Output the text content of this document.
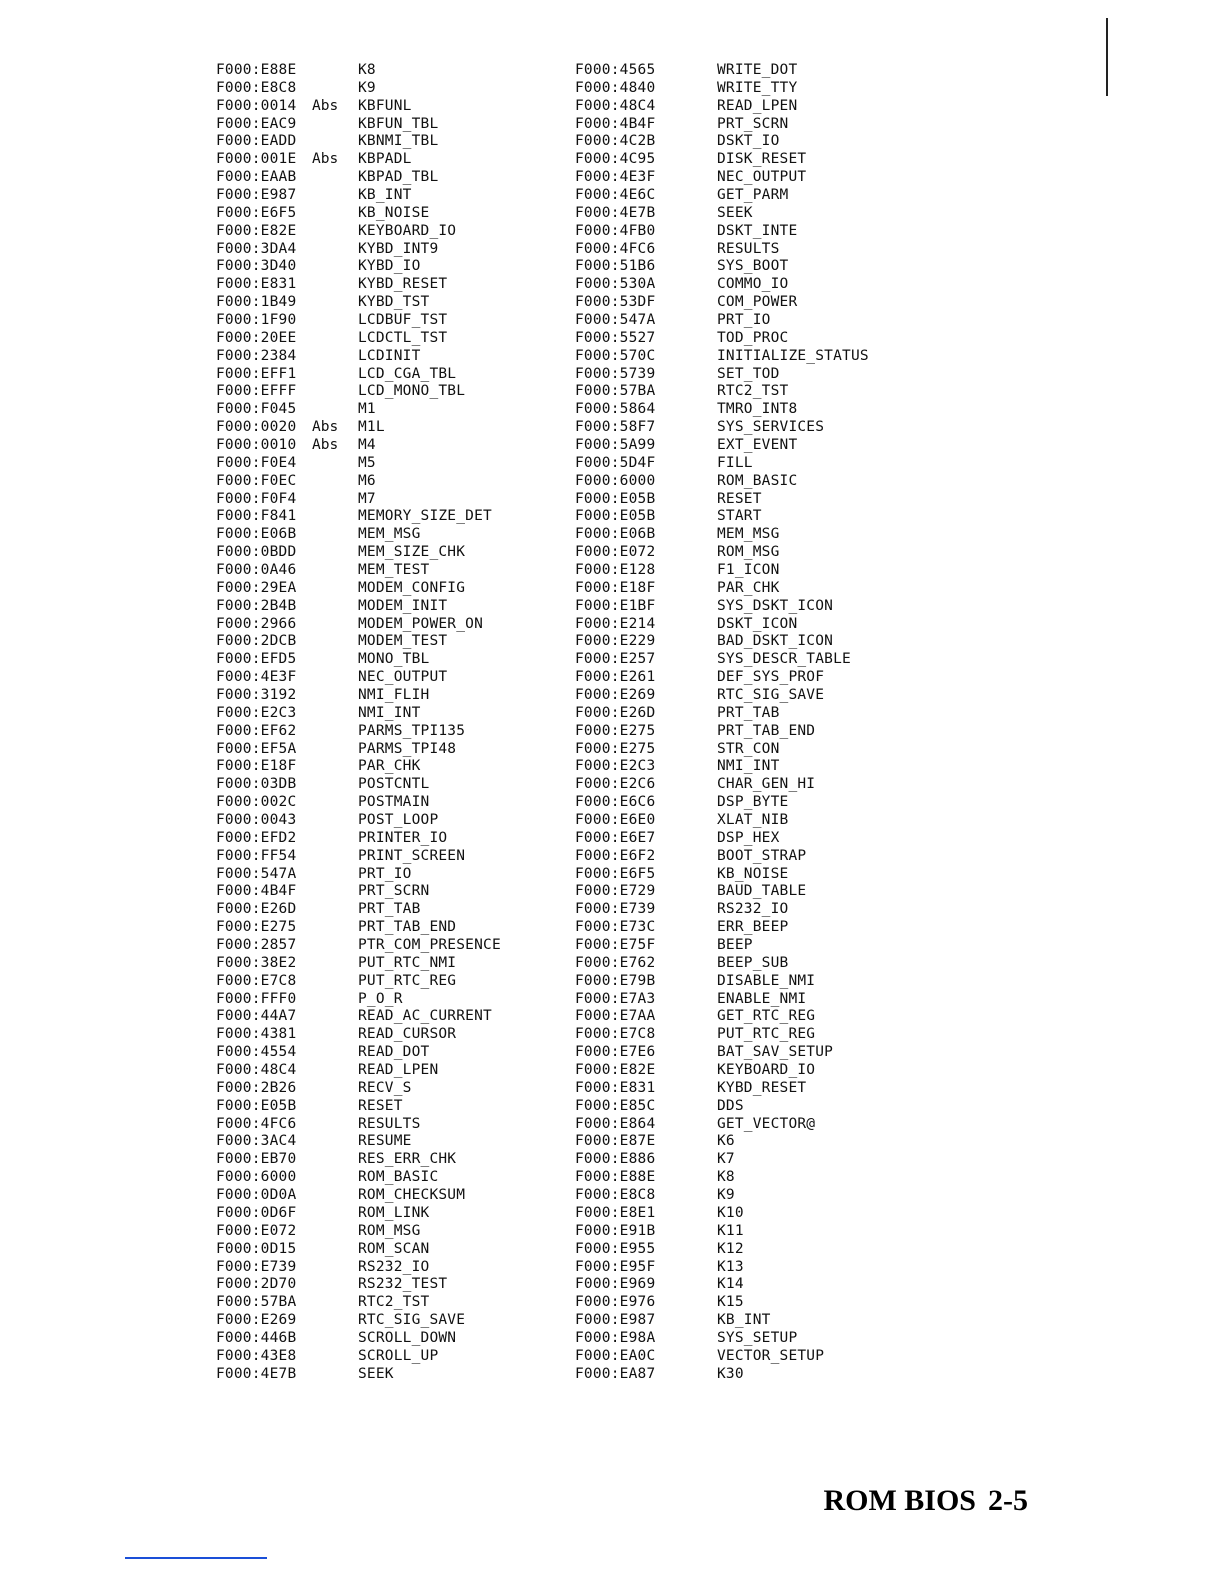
F000:E88E	K8
F000:E8C8	K9
F000:0014	Abs	KBFUNL
F000:EAC9	KBFUN_TBL
F000:EADD	KBNMI_TBL
F000:001E	Abs	KBPADL
F000:EAAB	KBPAD_TBL
F000:E987	KB_INT
F000:E6F5	KB_NOISE
F000:E82E	KEYBOARD_IO
F000:3DA4	KYBD_INT9
F000:3D40	KYBD_IO
F000:E831	KYBD_RESET
F000:1B49	KYBD_TST
F000:1F90	LCDBUF_TST
F000:20EE	LCDCTL_TST
F000:2384	LCDINIT
F000:EFF1	LCD_CGA_TBL
F000:EFFF	LCD_MONO_TBL
F000:F045	M1
F000:0020	Abs	M1L
F000:0010	Abs	M4
F000:F0E4	M5
F000:F0EC	M6
F000:F0F4	M7
F000:F841	MEMORY_SIZE_DET
F000:E06B	MEM_MSG
F000:0BDD	MEM_SIZE_CHK
F000:0A46	MEM_TEST
F000:29EA	MODEM_CONFIG
F000:2B4B	MODEM_INIT
F000:2966	MODEM_POWER_ON
F000:2DCB	MODEM_TEST
F000:EFD5	MONO_TBL
F000:4E3F	NEC_OUTPUT
F000:3192	NMI_FLIH
F000:E2C3	NMI_INT
F000:EF62	PARMS_TPI135
F000:EF5A	PARMS_TPI48
F000:E18F	PAR_CHK
F000:03DB	POSTCNTL
F000:002C	POSTMAIN
F000:0043	POST_LOOP
F000:EFD2	PRINTER_IO
F000:FF54	PRINT_SCREEN
F000:547A	PRT_IO
F000:4B4F	PRT_SCRN
F000:E26D	PRT_TAB
F000:E275	PRT_TAB_END
F000:2857	PTR_COM_PRESENCE
F000:38E2	PUT_RTC_NMI
F000:E7C8	PUT_RTC_REG
F000:FFF0	P_O_R
F000:44A7	READ_AC_CURRENT
F000:4381	READ_CURSOR
F000:4554	READ_DOT
F000:48C4	READ_LPEN
F000:2B26	RECV_S
F000:E05B	RESET
F000:4FC6	RESULTS
F000:3AC4	RESUME
F000:EB70	RES_ERR_CHK
F000:6000	ROM_BASIC
F000:0D0A	ROM_CHECKSUM
F000:0D6F	ROM_LINK
F000:E072	ROM_MSG
F000:0D15	ROM_SCAN
F000:E739	RS232_IO
F000:2D70	RS232_TEST
F000:57BA	RTC2_TST
F000:E269	RTC_SIG_SAVE
F000:446B	SCROLL_DOWN
F000:43E8	SCROLL_UP
F000:4E7B	SEEK
F000:4565	WRITE_DOT
F000:4840	WRITE_TTY
F000:48C4	READ_LPEN
F000:4B4F	PRT_SCRN
F000:4C2B	DSKT_IO
F000:4C95	DISK_RESET
F000:4E3F	NEC_OUTPUT
F000:4E6C	GET_PARM
F000:4E7B	SEEK
F000:4FB0	DSKT_INTE
F000:4FC6	RESULTS
F000:51B6	SYS_BOOT
F000:530A	COMMO_IO
F000:53DF	COM_POWER
F000:547A	PRT_IO
F000:5527	TOD_PROC
F000:570C	INITIALIZE_STATUS
F000:5739	SET_TOD
F000:57BA	RTC2_TST
F000:5864	TMRO_INT8
F000:58F7	SYS_SERVICES
F000:5A99	EXT_EVENT
F000:5D4F	FILL
F000:6000	ROM_BASIC
F000:E05B	RESET
F000:E05B	START
F000:E06B	MEM_MSG
F000:E072	ROM_MSG
F000:E128	F1_ICON
F000:E18F	PAR_CHK
F000:E1BF	SYS_DSKT_ICON
F000:E214	DSKT_ICON
F000:E229	BAD_DSKT_ICON
F000:E257	SYS_DESCR_TABLE
F000:E261	DEF_SYS_PROF
F000:E269	RTC_SIG_SAVE
F000:E26D	PRT_TAB
F000:E275	PRT_TAB_END
F000:E275	STR_CON
F000:E2C3	NMI_INT
F000:E2C6	CHAR_GEN_HI
F000:E6C6	DSP_BYTE
F000:E6E0	XLAT_NIB
F000:E6E7	DSP_HEX
F000:E6F2	BOOT_STRAP
F000:E6F5	KB_NOISE
F000:E729	BAUD_TABLE
F000:E739	RS232_IO
F000:E73C	ERR_BEEP
F000:E75F	BEEP
F000:E762	BEEP_SUB
F000:E79B	DISABLE_NMI
F000:E7A3	ENABLE_NMI
F000:E7AA	GET_RTC_REG
F000:E7C8	PUT_RTC_REG
F000:E7E6	BAT_SAV_SETUP
F000:E82E	KEYBOARD_IO
F000:E831	KYBD_RESET
F000:E85C	DDS
F000:E864	GET_VECTOR@
F000:E87E	K6
F000:E886	K7
F000:E88E	K8
F000:E8C8	K9
F000:E8E1	K10
F000:E91B	K11
F000:E955	K12
F000:E95F	K13
F000:E969	K14
F000:E976	K15
F000:E987	KB_INT
F000:E98A	SYS_SETUP
F000:EA0C	VECTOR_SETUP
F000:EA87	K30
ROM BIOS 2-5
